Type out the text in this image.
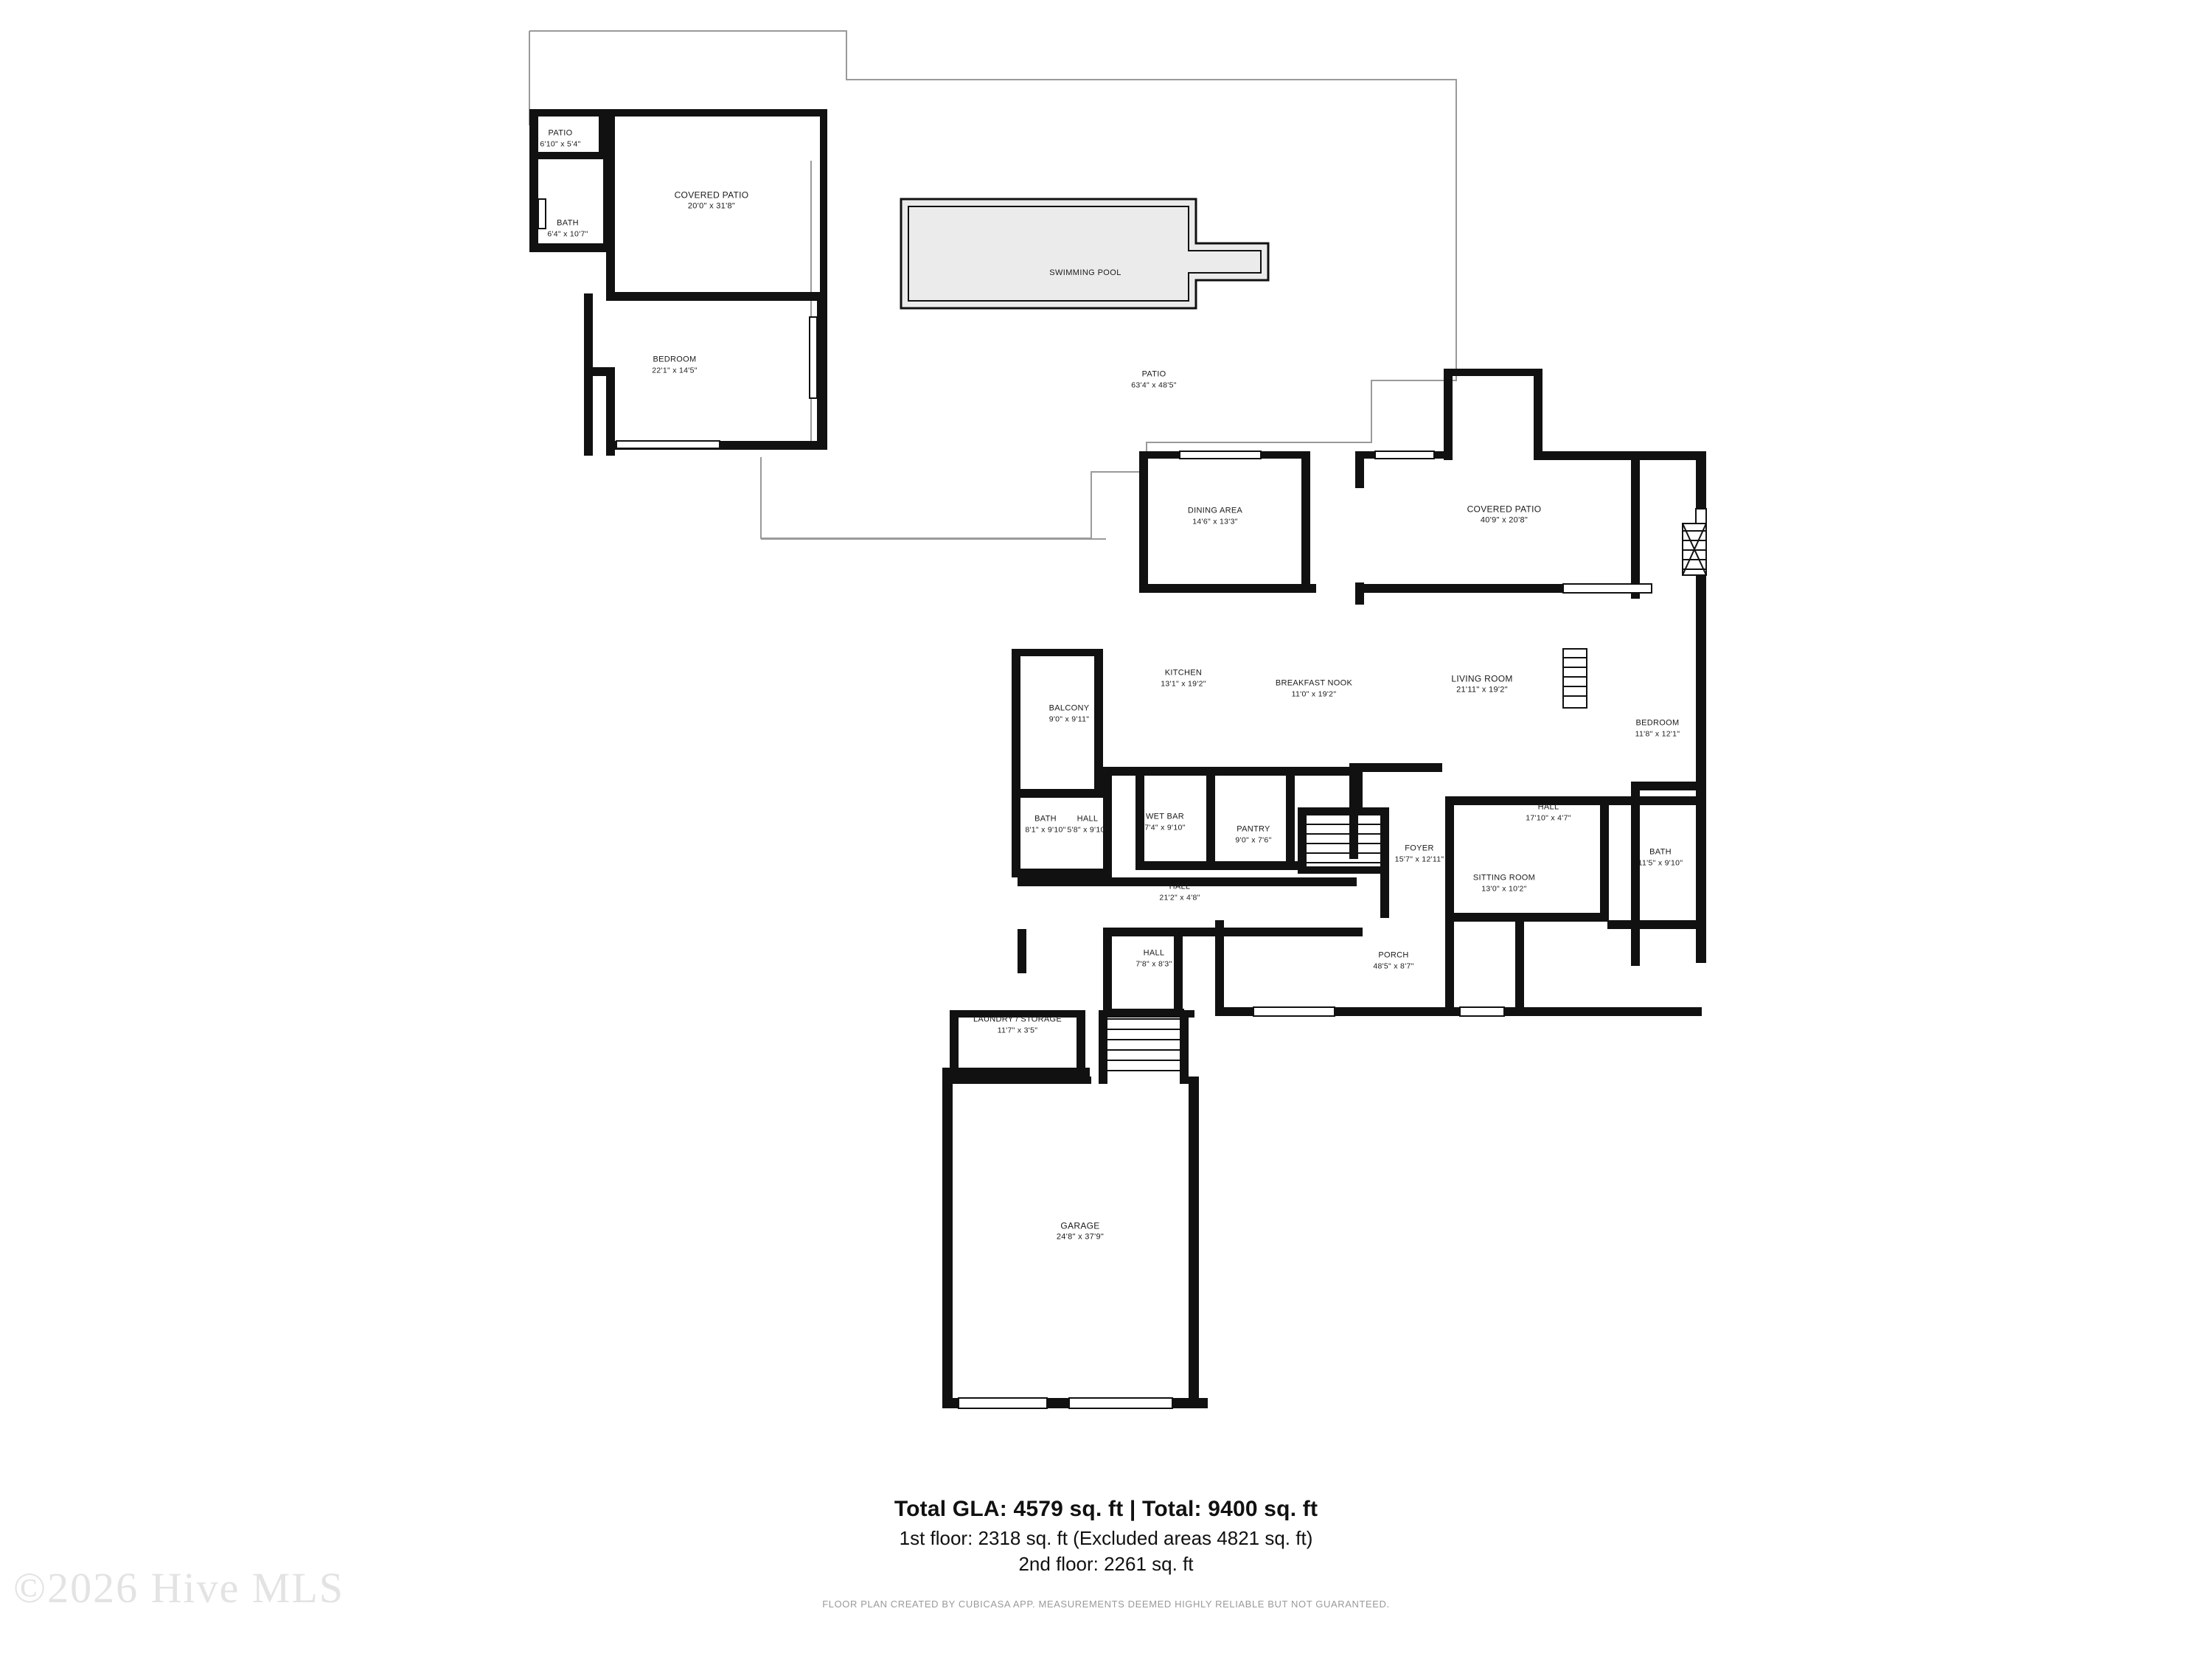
PATIO
6'10" x 5'4"
COVERED PATIO
20'0" x 31'8"
BATH
6'4" x 10'7"
BEDROOM
22'1" x 14'5"	PATIO
63'4" x 48'5"
DINING AREA
14'6" x 13'3"
COVERED PATIO
40'9" x 20'8"
KITCHEN
13'1" x 19'2"	BREAKFAST NOOK
11'0" x 19'2"
LIVING ROOM
21'11" x 19'2"
BALCONY
9'0" x 9'11"	BEDROOM
11'8" x 12'1"
BATH
8'1" x 9'10"
HALL
5'8" x 9'10"
WET BAR
7'4" x 9'10"	PANTRY
9'0" x 7'6"
HALL
17'10" x 4'7"
FOYER
15'7" x 12'11"
BATH
11'5" x 9'10"
SITTING ROOM
13'0" x 10'2"
HALL
21'2" x 4'8"
HALL
7'8" x 8'3"
PORCH
48'5" x 8'7"
LAUNDRY / STORAGE
11'7" x 3'5"
GARAGE
24'8" x 37'9"
SWIMMING POOL
Total GLA: 4579 sq. ft | Total: 9400 sq. ft
1st floor: 2318 sq. ft (Excluded areas 4821 sq. ft)
2nd floor: 2261 sq. ft
FLOOR PLAN CREATED BY CUBICASA APP. MEASUREMENTS DEEMED HIGHLY RELIABLE BUT NOT GUARANTEED.
©2026 Hive MLS
